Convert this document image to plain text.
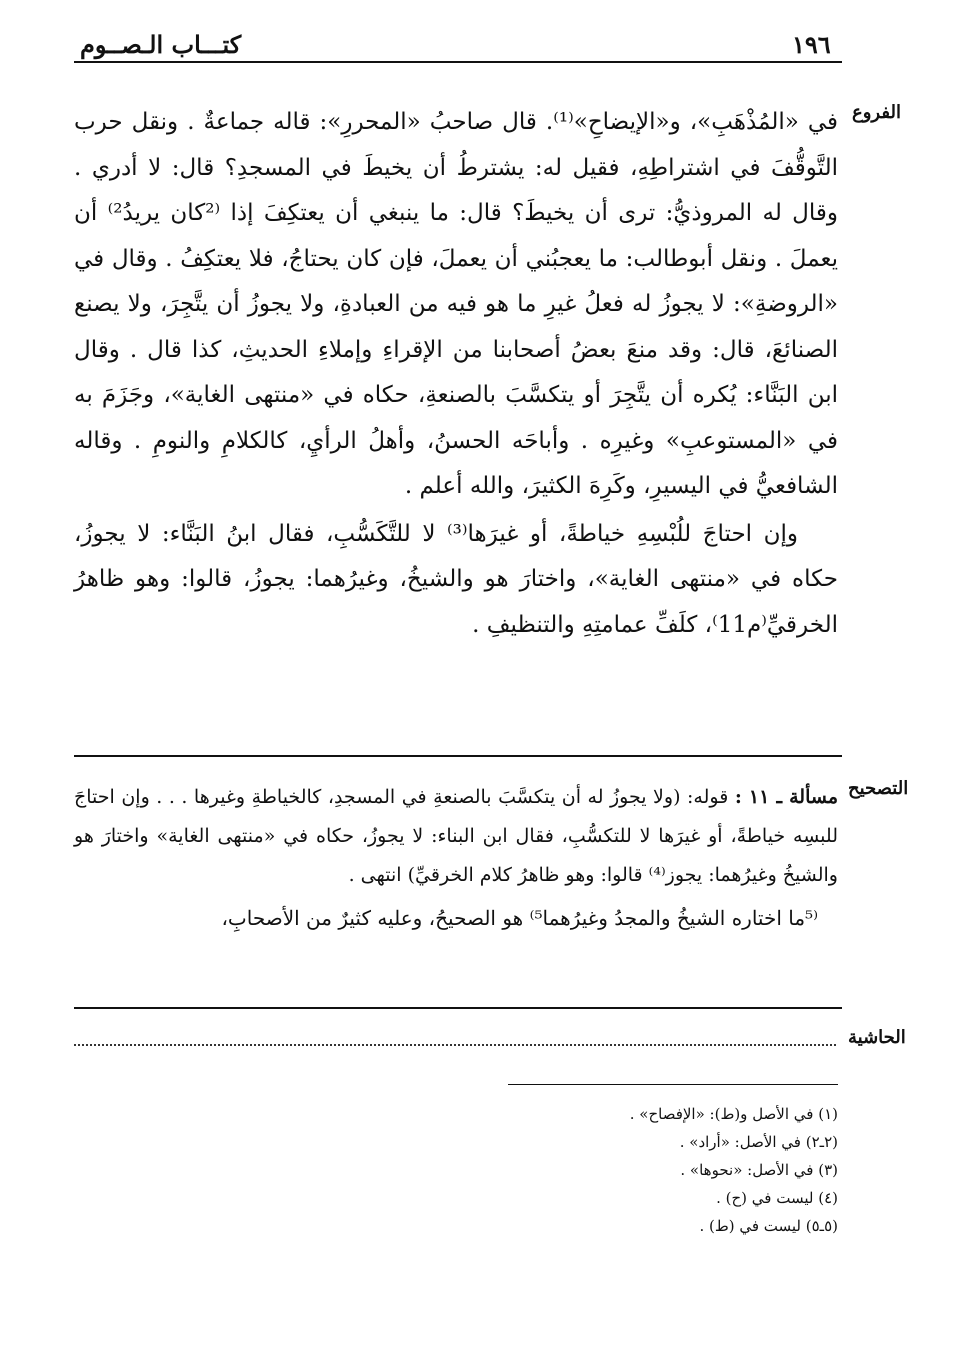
كتـــاب الـصــوم	١٩٦
الفروع

في «المُذْهَبِ»، و«الإيضاحِ»⁽¹⁾. قال صاحبُ «المحررِ»: قاله جماعةٌ . ونقل حرب التَّوقُّفَ في اشتراطِهِ، فقيل له: يشترطُ أن يخيطَ في المسجدِ؟ قال: لا أدري . وقال له المروذيُّ: ترى أن يخيطَ؟ قال: ما ينبغي أن يعتكِفَ إذا ⁽²كان يريدُ²⁾ أن يعملَ . ونقل أبوطالب: ما يعجبُني أن يعملَ، فإن كان يحتاجُ، فلا يعتكِفُ . وقال في «الروضةِ»: لا يجوزُ له فعلُ غيرِ ما هو فيه من العبادةِ، ولا يجوزُ أن يتَّجِرَ، ولا يصنع الصنائعَ، قال: وقد منعَ بعضُ أصحابنا من الإقراءِ وإملاءِ الحديثِ، كذا قال . وقال ابن البَنَّاء: يُكره أن يتَّجِرَ أو يتكسَّبَ بالصنعةِ، حكاه في «منتهى الغاية»، وجَزَمَ به في «المستوعبِ» وغيرِه . وأباحَه الحسنُ، وأهلُ الرأيِ، كالكلامِ والنومِ . وقاله الشافعيُّ في اليسيرِ، وكَرِهَ الكثيرَ، والله أعلم .

وإن احتاجَ للُبْسِهِ خياطةً، أو غيرَها⁽³⁾ لا للتَّكَسُّبِ، فقال ابنُ البَنَّاء: لا يجوزُ، حكاه في «منتهى الغاية»، واختارَ هو والشيخُ، وغيرُهما: يجوزُ، قالوا: وهو ظاهرُ الخرقيِّ⁽م11⁾، كلَفِّ عمامتِهِ والتنظيفِ .

التصحيح

مسألة ـ ١١ : قوله: (ولا يجوزُ له أن يتكسَّبَ بالصنعةِ في المسجدِ، كالخياطةِ وغيرها . . . وإن احتاجَ للبسِه خياطةً، أو غيرَها لا للتكسُّبِ، فقال ابن البناء: لا يجوزُ، حكاه في «منتهى الغاية» واختارَ هو والشيخُ وغيرُهما: يجوز⁽⁴⁾ قالوا: وهو ظاهرُ كلام الخرقيِّ) انتهى .

⁽⁵ما اختاره الشيخُ والمجدُ وغيرُهما⁵⁾ هو الصحيحُ، وعليه كثيرٌ من الأصحابِ،

الحاشية
(١) في الأصل و(ط): «الإفصاح» .
(٢ـ٢) في الأصل: «أراد» .
(٣) في الأصل: «نحوها» .
(٤) ليست في (ح) .
(٥ـ٥) ليست في (ط) .
